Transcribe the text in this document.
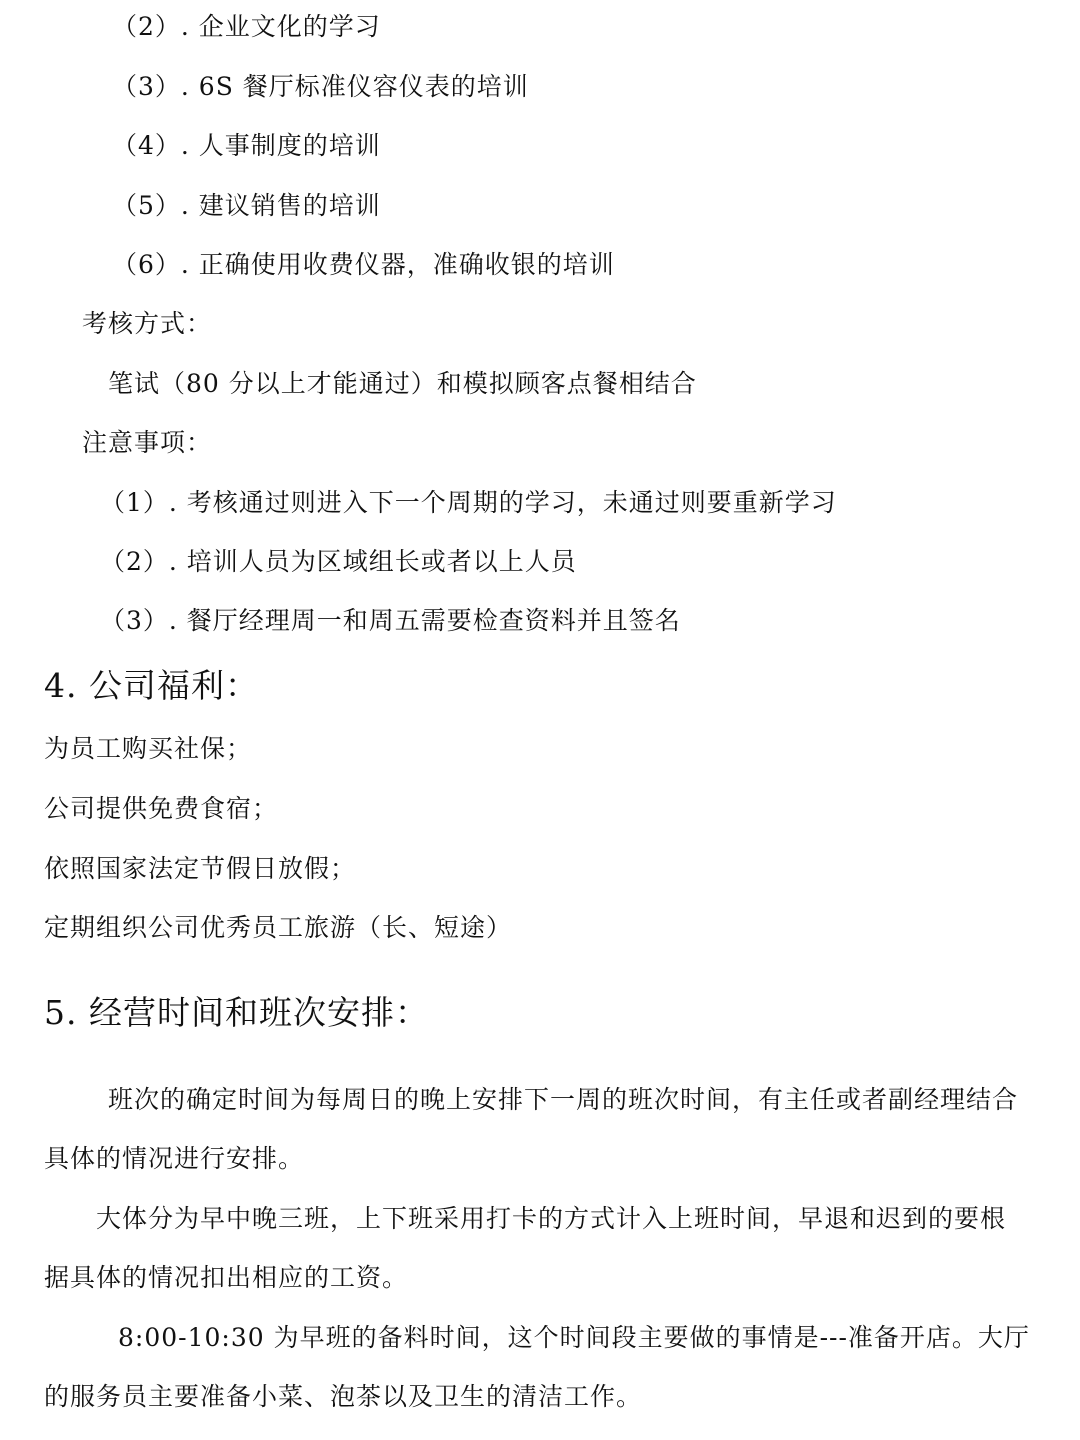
（2）. 企业文化的学习
（3）. 6S 餐厅标准仪容仪表的培训
（4）. 人事制度的培训
（5）. 建议销售的培训
（6）. 正确使用收费仪器，准确收银的培训
考核方式：
笔试（80 分以上才能通过）和模拟顾客点餐相结合
注意事项：
（1）. 考核通过则进入下一个周期的学习，未通过则要重新学习
（2）. 培训人员为区域组长或者以上人员
（3）. 餐厅经理周一和周五需要检查资料并且签名
4. 公司福利：
为员工购买社保；
公司提供免费食宿；
依照国家法定节假日放假；
定期组织公司优秀员工旅游（长、短途）
5. 经营时间和班次安排：
班次的确定时间为每周日的晚上安排下一周的班次时间，有主任或者副经理结合
具体的情况进行安排。
大体分为早中晚三班，上下班采用打卡的方式计入上班时间，早退和迟到的要根
据具体的情况扣出相应的工资。
8:00-10:30 为早班的备料时间，这个时间段主要做的事情是---准备开店。大厅
的服务员主要准备小菜、泡茶以及卫生的清洁工作。
